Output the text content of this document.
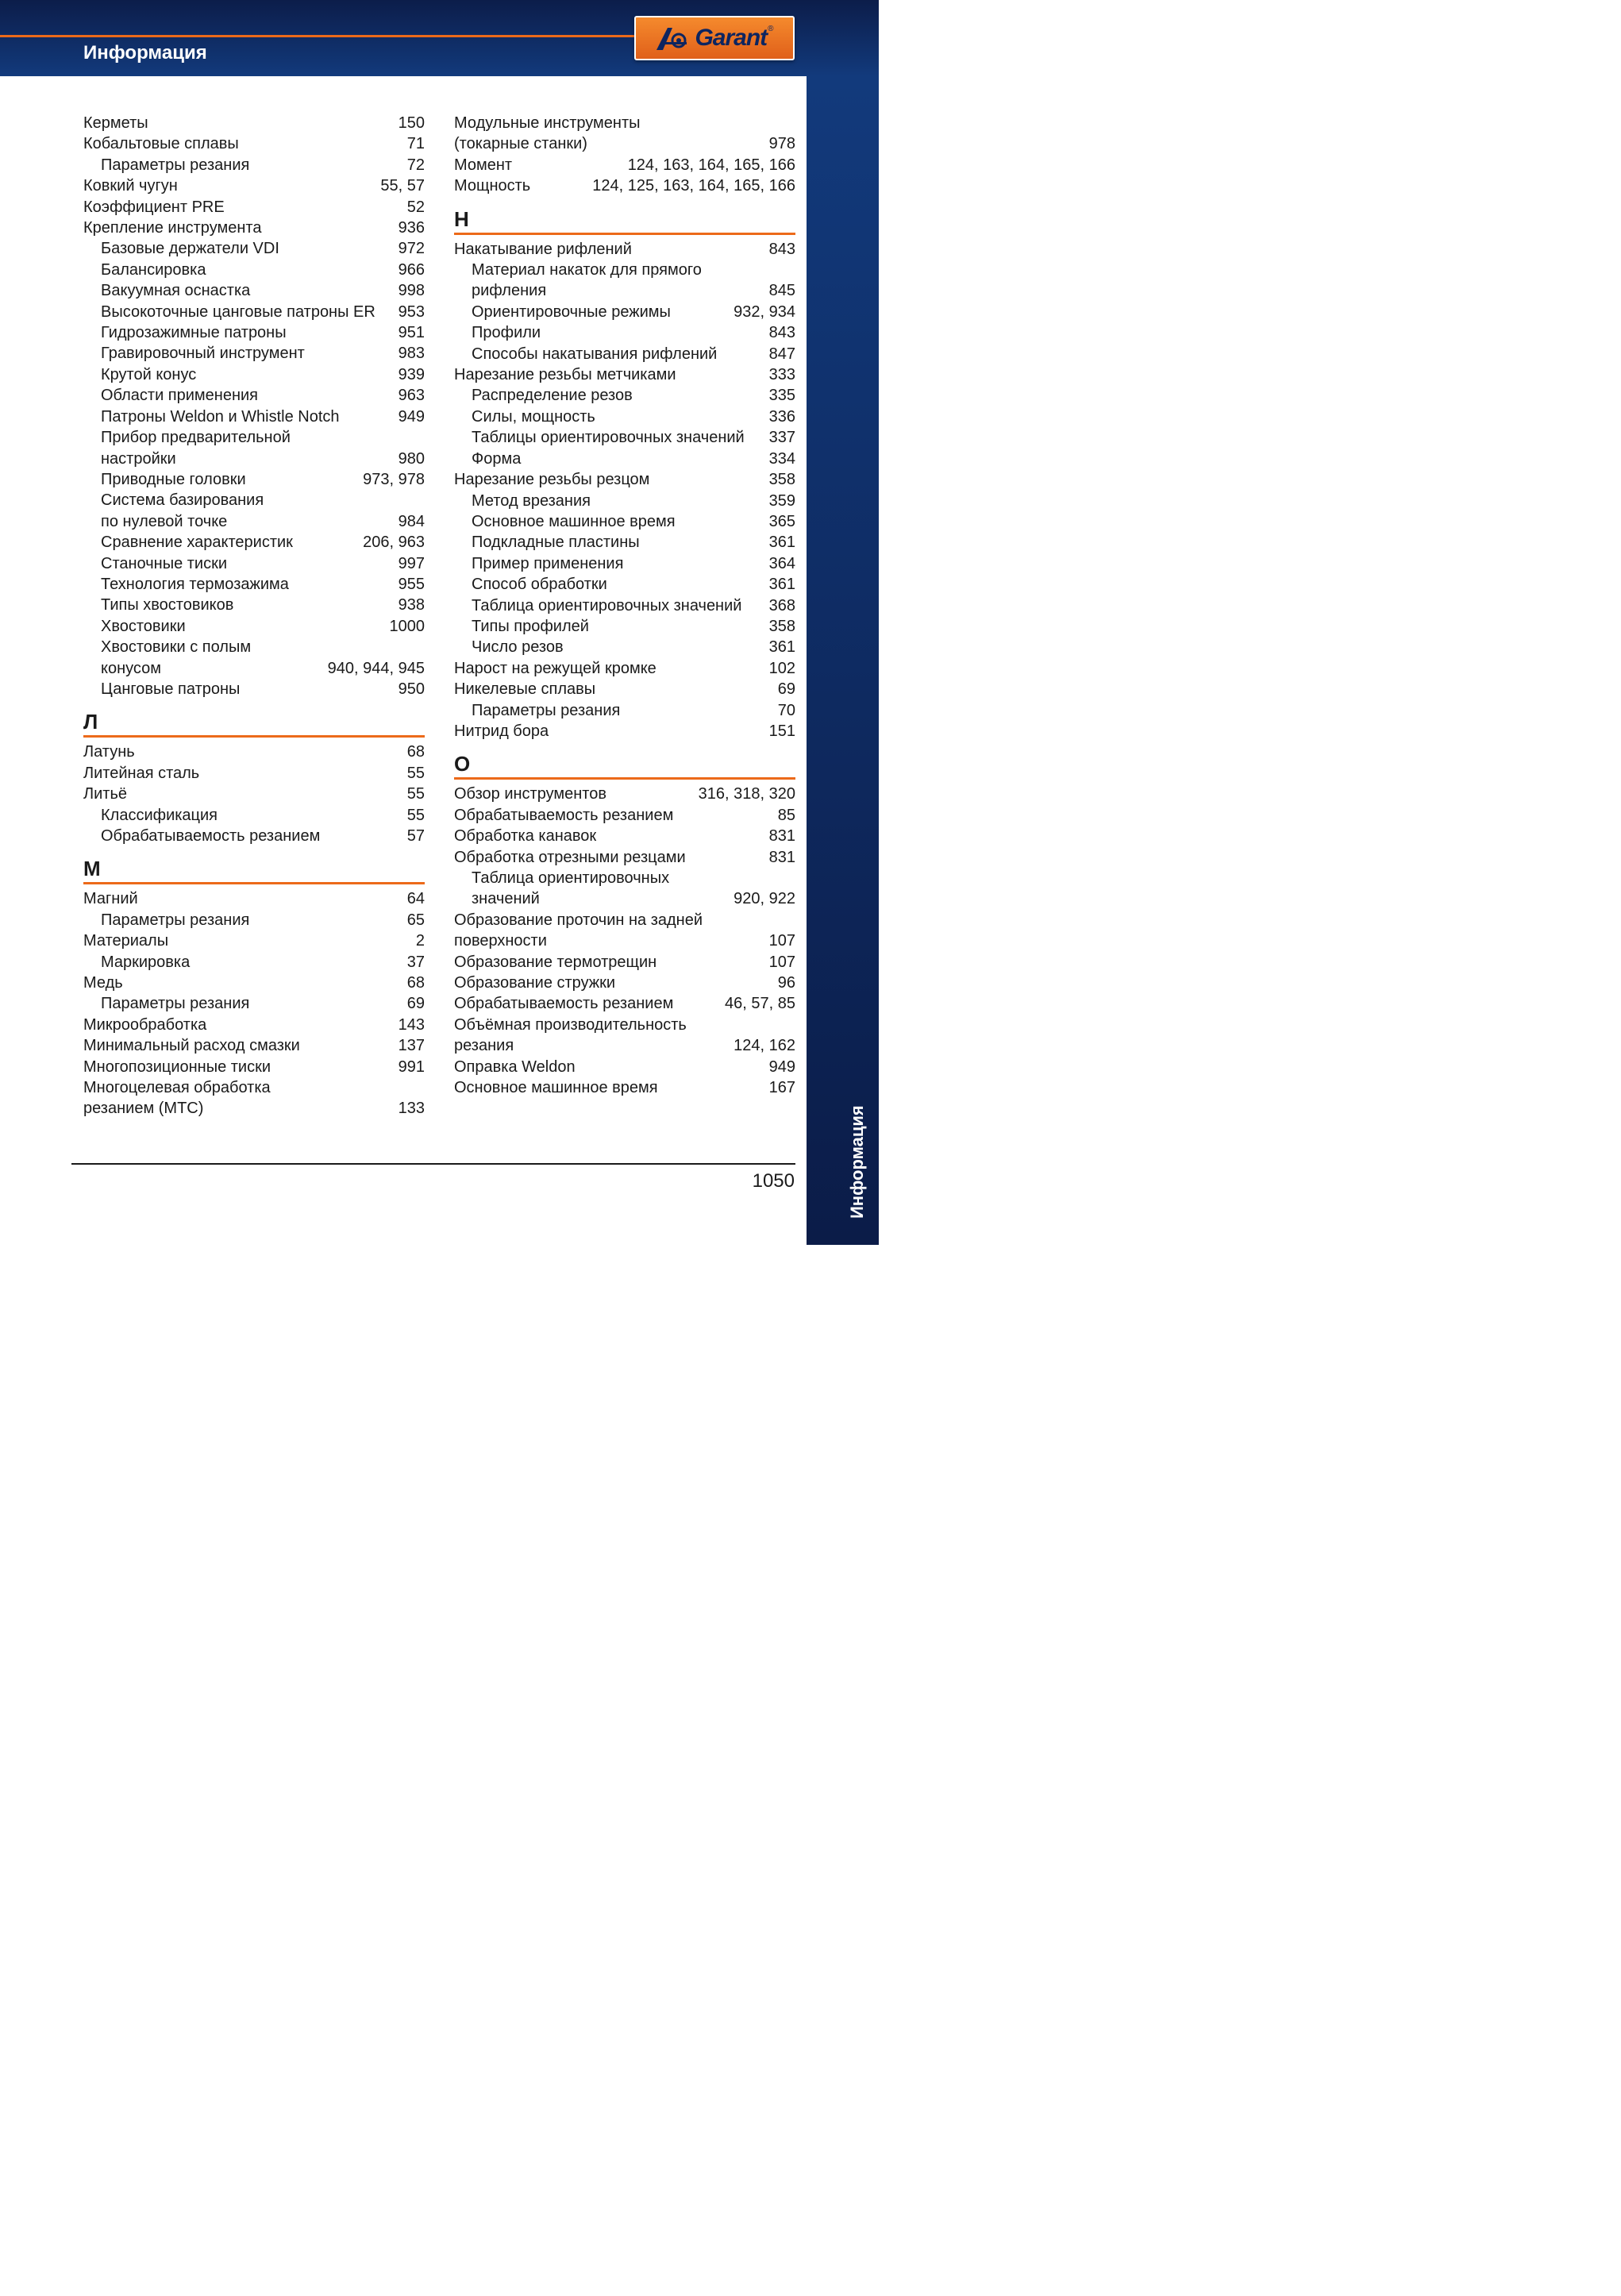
Информация
Garant ®
Информация
Керметы	150
Кобальтовые сплавы	71
Параметры резания	72
Ковкий чугун	55, 57
Коэффициент PRE	52
Крепление инструмента	936
Базовые держатели VDI	972
Балансировка	966
Вакуумная оснастка	998
Высокоточные цанговые патроны ER	953
Гидрозажимные патроны	951
Гравировочный инструмент	983
Крутой конус	939
Области применения	963
Патроны Weldon и Whistle Notch	949
Прибор предварительной
настройки	980
Приводные головки	973, 978
Система базирования
по нулевой точке	984
Сравнение характеристик	206, 963
Станочные тиски	997
Технология термозажима	955
Типы хвостовиков	938
Хвостовики	1000
Хвостовики с полым
конусом	940, 944, 945
Цанговые патроны	950
Л
Латунь	68
Литейная сталь	55
Литьё	55
Классификация	55
Обрабатываемость резанием	57
М
Магний	64
Параметры резания	65
Материалы	2
Маркировка	37
Медь	68
Параметры резания	69
Микрообработка	143
Минимальный расход смазки	137
Многопозиционные тиски	991
Многоцелевая обработка
резанием (МТС)	133
Модульные инструменты
(токарные станки)	978
Момент	124, 163, 164, 165, 166
Мощность	124, 125, 163, 164, 165, 166
Н
Накатывание рифлений	843
Материал накаток для прямого
рифления	845
Ориентировочные режимы	932, 934
Профили	843
Способы накатывания рифлений	847
Нарезание резьбы метчиками	333
Распределение резов	335
Силы, мощность	336
Таблицы ориентировочных значений	337
Форма	334
Нарезание резьбы резцом	358
Метод врезания	359
Основное машинное время	365
Подкладные пластины	361
Пример применения	364
Способ обработки	361
Таблица ориентировочных значений	368
Типы профилей	358
Число резов	361
Нарост на режущей кромке	102
Никелевые сплавы	69
Параметры резания	70
Нитрид бора	151
О
Обзор инструментов	316, 318, 320
Обрабатываемость резанием	85
Обработка канавок	831
Обработка отрезными резцами	831
Таблица ориентировочных
значений	920, 922
Образование проточин на задней
поверхности	107
Образование термотрещин	107
Образование стружки	96
Обрабатываемость резанием	46, 57, 85
Объёмная производительность
резания	124, 162
Оправка Weldon	949
Основное машинное время	167
1050
